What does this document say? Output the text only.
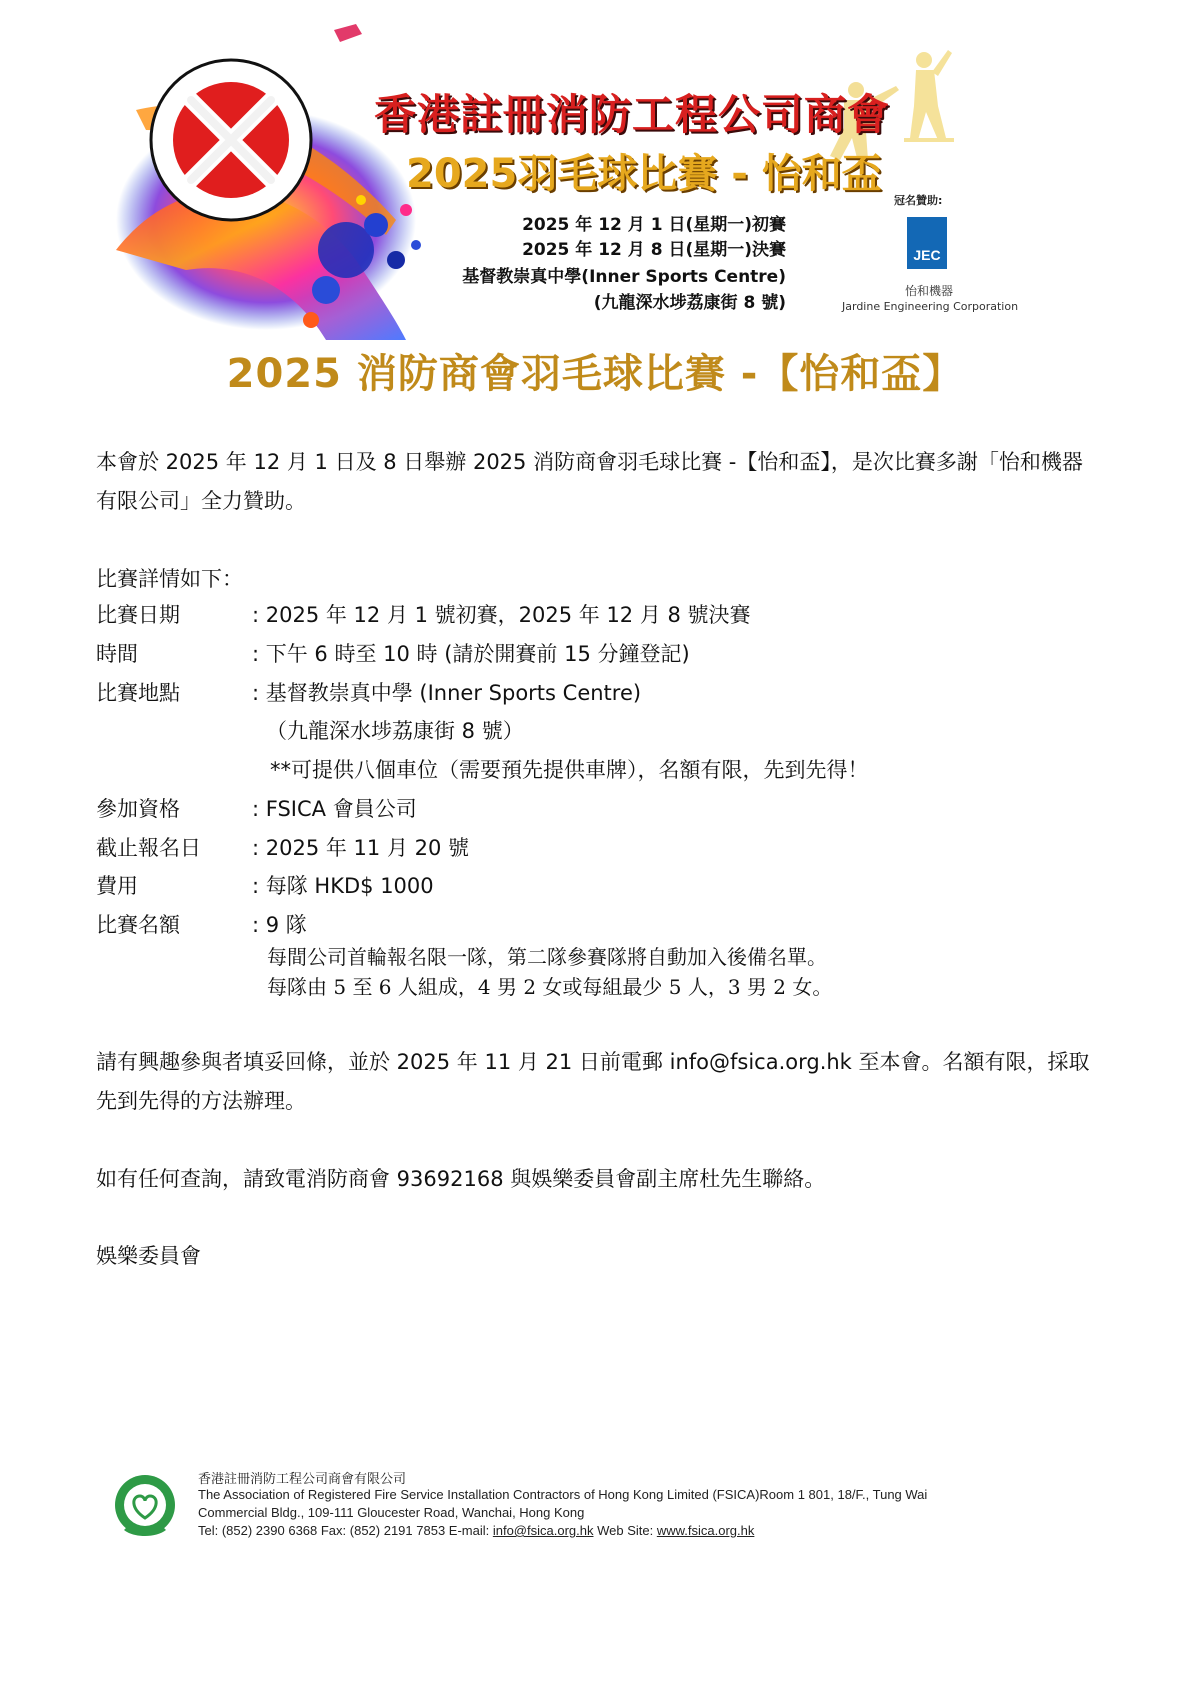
香港註冊消防工程公司商會
2025羽毛球比賽 - 怡和盃
2025 年 12 月 1 日(星期一)初賽
2025 年 12 月 8 日(星期一)決賽
基督教崇真中學(Inner Sports Centre)
(九龍深水埗荔康街 8 號)
冠名贊助:
JEC
怡和機器
Jardine Engineering Corporation
2025 消防商會羽毛球比賽 -【怡和盃】
本會於 2025 年 12 月 1 日及 8 日舉辦 2025 消防商會羽毛球比賽 -【怡和盃】，是次比賽多謝「怡和機器有限公司」全力贊助。
比賽詳情如下：
比賽日期	: 2025 年 12 月 1 號初賽，2025 年 12 月 8 號決賽
時間	: 下午 6 時至 10 時 (請於開賽前 15 分鐘登記)
比賽地點	: 基督教崇真中學 (Inner Sports Centre)
（九龍深水埗荔康街 8 號）
**可提供八個車位（需要預先提供車牌），名額有限，先到先得！
參加資格	: FSICA 會員公司
截止報名日 : 2025 年 11 月 20 號
費用	: 每隊 HKD$ 1000
比賽名額	: 9 隊
每間公司首輪報名限一隊，第二隊參賽隊將自動加入後備名單。
每隊由 5 至 6 人組成，4 男 2 女或每組最少 5 人，3 男 2 女。
請有興趣參與者填妥回條，並於 2025 年 11 月 21 日前電郵 info@fsica.org.hk 至本會。名額有限，採取先到先得的方法辦理。
如有任何查詢，請致電消防商會 93692168 與娛樂委員會副主席杜先生聯絡。
娛樂委員會
香港註冊消防工程公司商會有限公司
The Association of Registered Fire Service Installation Contractors of Hong Kong Limited (FSICA)Room 1 801, 18/F., Tung Wai
Commercial Bldg., 109-111 Gloucester Road, Wanchai, Hong Kong
Tel: (852) 2390 6368 Fax: (852) 2191 7853 E-mail: info@fsica.org.hk Web Site: www.fsica.org.hk
